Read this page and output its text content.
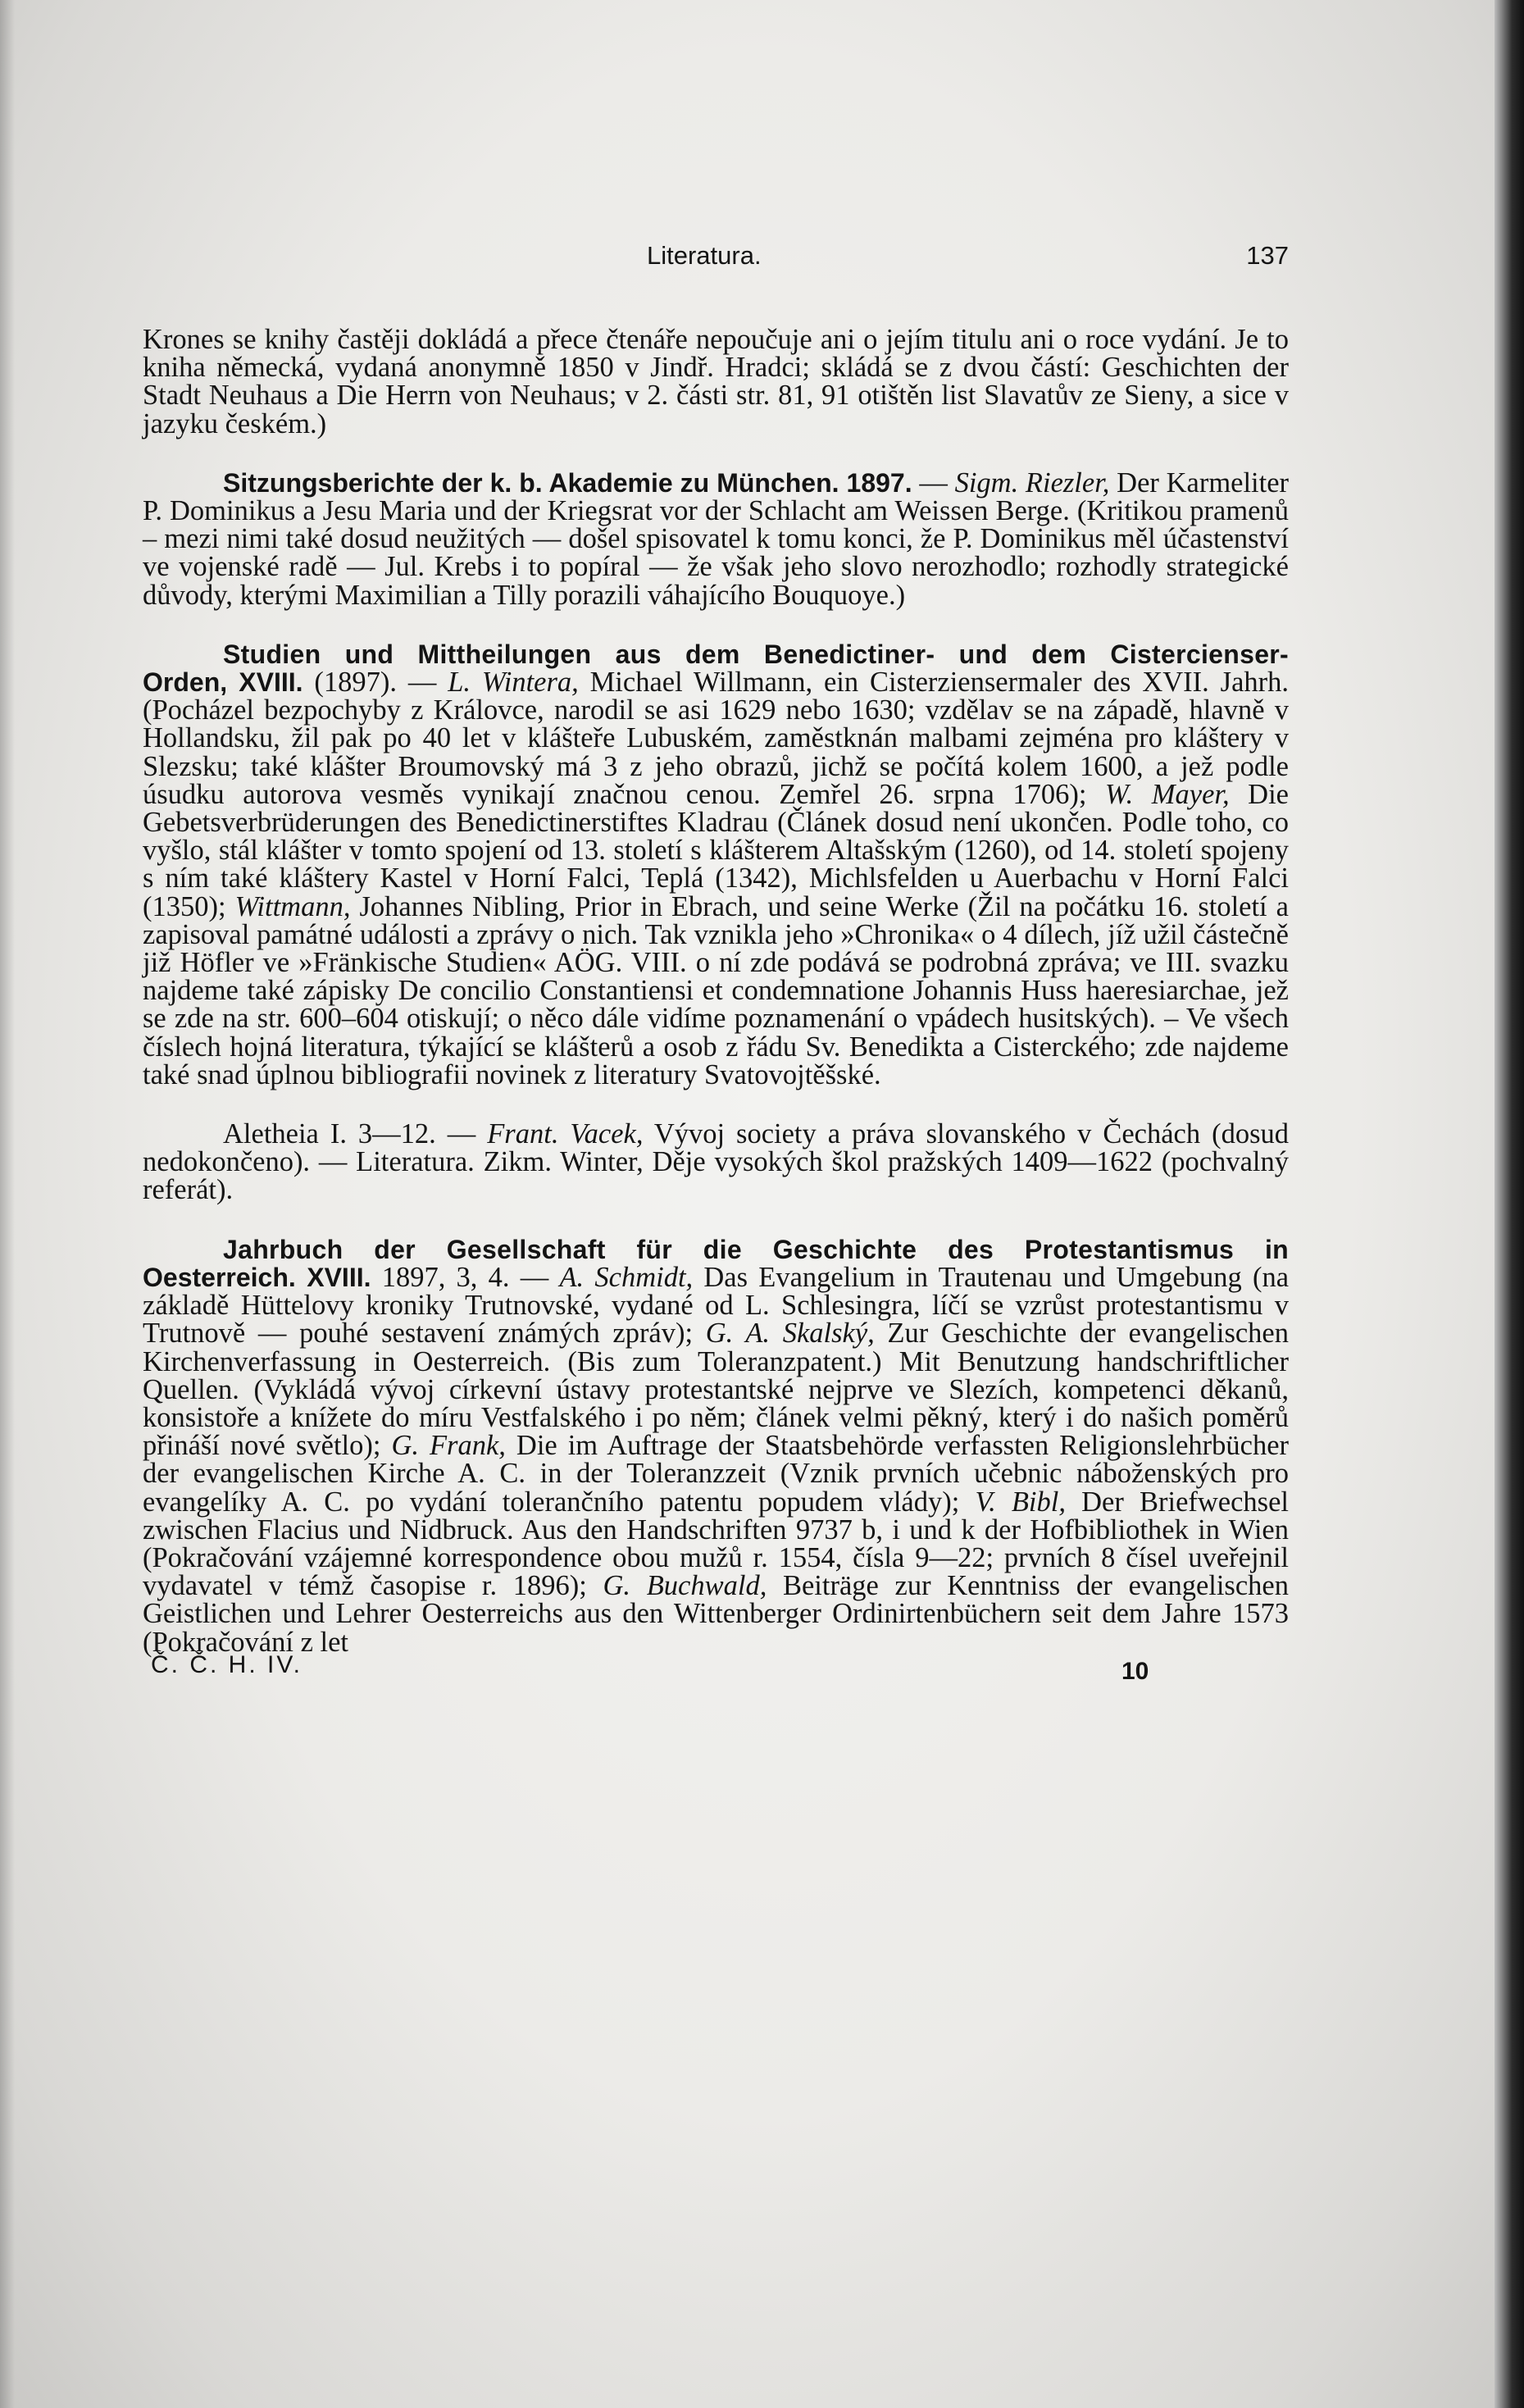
Literatura.	137

Krones se knihy častěji dokládá a přece čtenáře nepoučuje ani o jejím titulu ani o roce vydání. Je to kniha německá, vydaná anonymně 1850 v Jindř. Hradci; skládá se z dvou částí: Geschichten der Stadt Neuhaus a Die Herrn von Neuhaus; v 2. části str. 81, 91 otištěn list Slavatův ze Sieny, a sice v jazyku českém.)

Sitzungsberichte der k. b. Akademie zu München. 1897. — Sigm. Riezler, Der Karmeliter P. Dominikus a Jesu Maria und der Kriegsrat vor der Schlacht am Weissen Berge. (Kritikou pramenů – mezi nimi také dosud neužitých — došel spisovatel k tomu konci, že P. Dominikus měl účastenství ve vojenské radě — Jul. Krebs i to popíral — že však jeho slovo nerozhodlo; rozhodly strategické důvody, kterými Maximilian a Tilly porazili váhajícího Bouquoye.)
Studien und Mittheilungen aus dem Benedictiner- und dem Cistercienser-
Orden, XVIII. (1897). — L. Wintera, Michael Willmann, ein Cisterziensermaler des XVII. Jahrh. (Pocházel bezpochyby z Královce, narodil se asi 1629 nebo 1630; vzdělav se na západě, hlavně v Hollandsku, žil pak po 40 let v klášteře Lubuském, zaměstknán malbami zejména pro kláštery v Slezsku; také klášter Broumovský má 3 z jeho obrazů, jichž se počítá kolem 1600, a jež podle úsudku autorova vesměs vynikají značnou cenou. Zemřel 26. srpna 1706); W. Mayer, Die Gebetsverbrüderungen des Benedictinerstiftes Kladrau (Článek dosud není ukončen. Podle toho, co vyšlo, stál klášter v tomto spojení od 13. století s klášterem Altašským (1260), od 14. století spojeny s ním také kláštery Kastel v Horní Falci, Teplá (1342), Michlsfelden u Auerbachu v Horní Falci (1350); Wittmann, Johannes Nibling, Prior in Ebrach, und seine Werke (Žil na počátku 16. století a zapisoval památné události a zprávy o nich. Tak vznikla jeho »Chronika« o 4 dílech, jíž užil částečně již Höfler ve »Fränkische Studien« AÖG. VIII. o ní zde podává se podrobná zpráva; ve III. svazku najdeme také zápisky De concilio Constantiensi et condemnatione Johannis Huss haeresiarchae, jež se zde na str. 600–604 otiskují; o něco dále vidíme poznamenání o vpádech husitských). – Ve všech číslech hojná literatura, týkající se klášterů a osob z řádu Sv. Benedikta a Cisterckého; zde najdeme také snad úplnou bibliografii novinek z literatury Svatovojtěšské.
Aletheia I. 3—12. — Frant. Vacek, Vývoj society a práva slovanského v Čechách (dosud nedokončeno). — Literatura. Zikm. Winter, Děje vysokých škol pražských 1409—1622 (pochvalný referát).
Jahrbuch der Gesellschaft für die Geschichte des Protestantismus in
Oesterreich. XVIII. 1897, 3, 4. — A. Schmidt, Das Evangelium in Trautenau und Umgebung (na základě Hüttelovy kroniky Trutnovské, vydané od L. Schlesingra, líčí se vzrůst protestantismu v Trutnově — pouhé sestavení známých zpráv); G. A. Skalský, Zur Geschichte der evangelischen Kirchenverfassung in Oesterreich. (Bis zum Toleranzpatent.) Mit Benutzung handschriftlicher Quellen. (Vykládá vývoj církevní ústavy protestantské nejprve ve Slezích, kompetenci děkanů, konsistoře a knížete do míru Vestfalského i po něm; článek velmi pěkný, který i do našich poměrů přináší nové světlo); G. Frank, Die im Auftrage der Staatsbehörde verfassten Religionslehrbücher der evangelischen Kirche A. C. in der Toleranzzeit (Vznik prvních učebnic náboženských pro evangelíky A. C. po vydání tolerančního patentu popudem vlády); V. Bibl, Der Briefwechsel zwischen Flacius und Nidbruck. Aus den Handschriften 9737 b, i und k der Hofbibliothek in Wien (Pokračování vzájemné korrespondence obou mužů r. 1554, čísla 9—22; prvních 8 čísel uveřejnil vydavatel v témž časopise r. 1896); G. Buchwald, Beiträge zur Kenntniss der evangelischen Geistlichen und Lehrer Oesterreichs aus den Wittenberger Ordinirtenbüchern seit dem Jahre 1573 (Pokračování z let
Č. Č. H. IV.	10
